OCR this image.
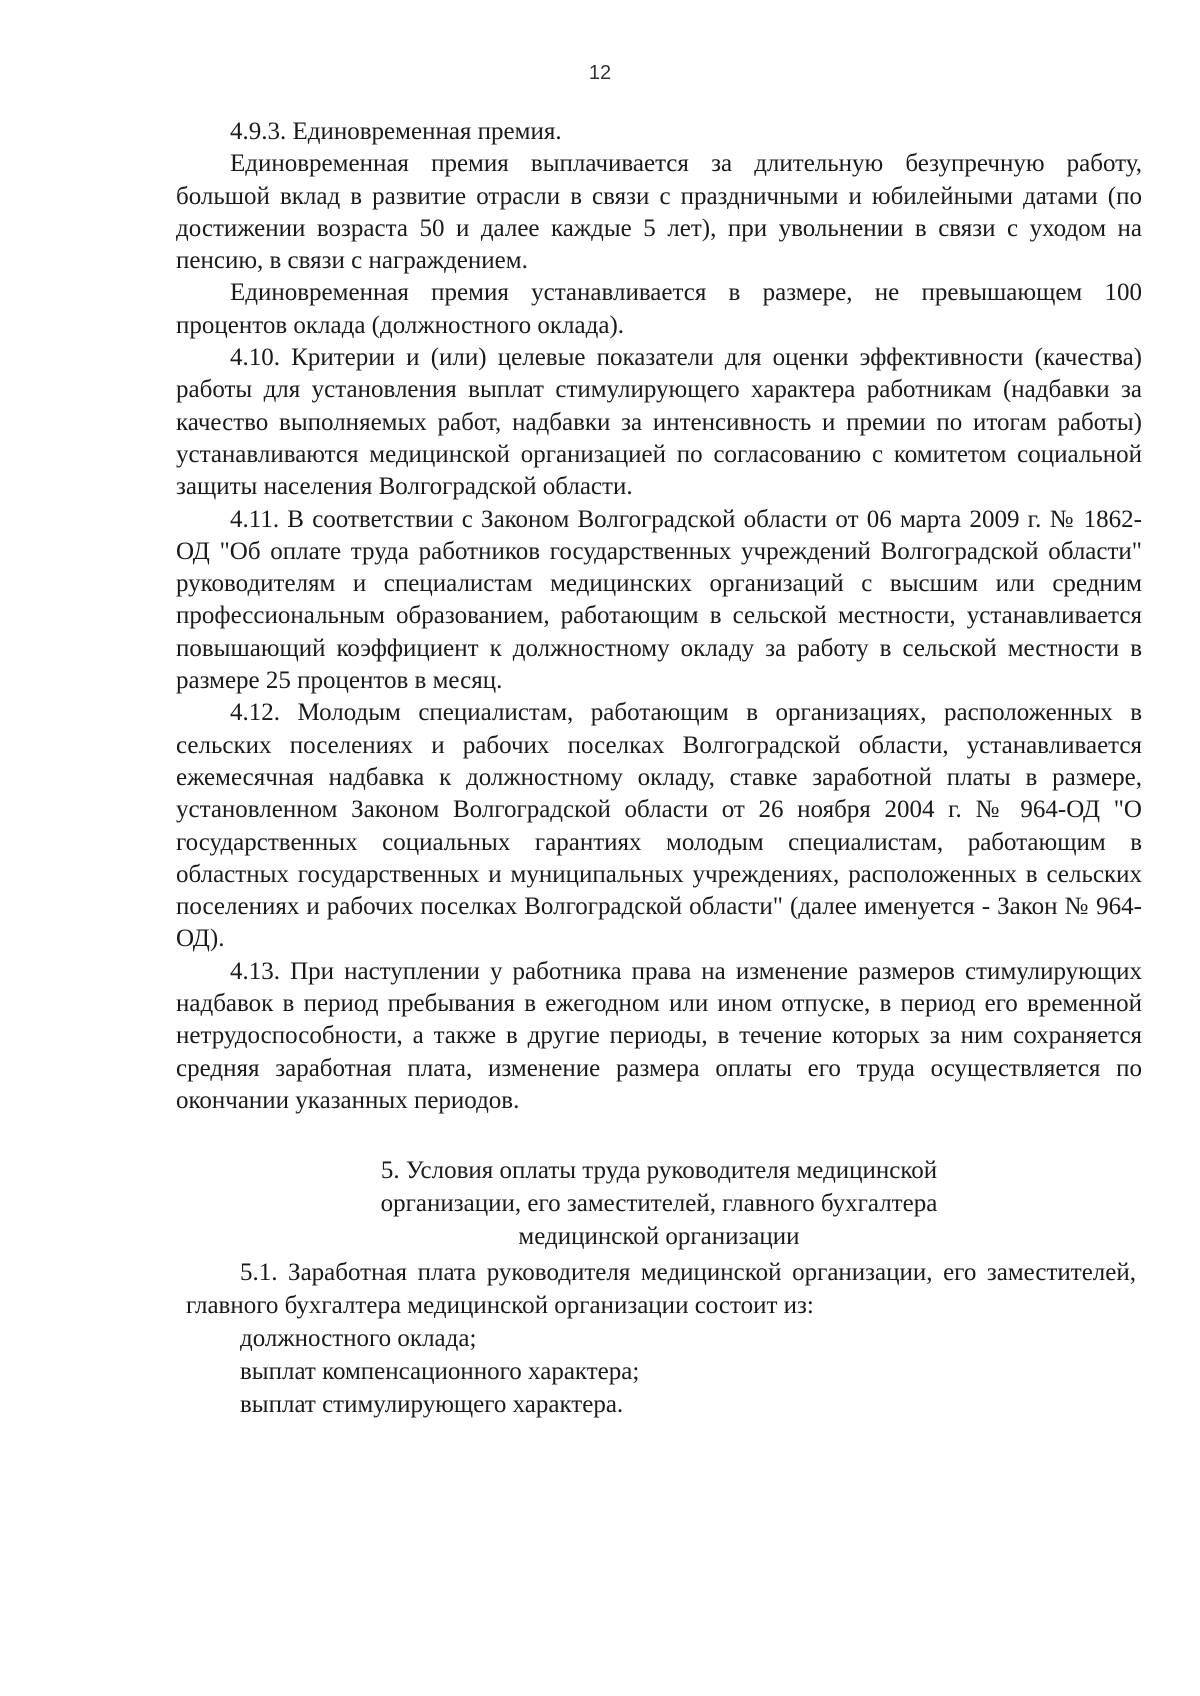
12

4.9.3. Единовременная премия.

Единовременная премия выплачивается за длительную безупречную работу, большой вклад в развитие отрасли в связи с праздничными и юбилейными датами (по достижении возраста 50 и далее каждые 5 лет), при увольнении в связи с уходом на пенсию, в связи с награждением.

Единовременная премия устанавливается в размере, не превышающем 100 процентов оклада (должностного оклада).

4.10. Критерии и (или) целевые показатели для оценки эффективности (качества) работы для установления выплат стимулирующего характера работникам (надбавки за качество выполняемых работ, надбавки за интенсивность и премии по итогам работы) устанавливаются медицинской организацией по согласованию с комитетом социальной защиты населения Волгоградской области.

4.11. В соответствии с Законом Волгоградской области от 06 марта 2009 г. № 1862-ОД "Об оплате труда работников государственных учреждений Волгоградской области" руководителям и специалистам медицинских организаций с высшим или средним профессиональным образованием, работающим в сельской местности, устанавливается повышающий коэффициент к должностному окладу за работу в сельской местности в размере 25 процентов в месяц.

4.12. Молодым специалистам, работающим в организациях, расположенных в сельских поселениях и рабочих поселках Волгоградской области, устанавливается ежемесячная надбавка к должностному окладу, ставке заработной платы в размере, установленном Законом Волгоградской области от 26 ноября 2004 г. № 964-ОД "О государственных социальных гарантиях молодым специалистам, работающим в областных государственных и муниципальных учреждениях, расположенных в сельских поселениях и рабочих поселках Волгоградской области" (далее именуется - Закон № 964-ОД).

4.13. При наступлении у работника права на изменение размеров стимулирующих надбавок в период пребывания в ежегодном или ином отпуске, в период его временной нетрудоспособности, а также в другие периоды, в течение которых за ним сохраняется средняя заработная плата, изменение размера оплаты его труда осуществляется по окончании указанных периодов.

5. Условия оплаты труда руководителя медицинской
организации, его заместителей, главного бухгалтера
медицинской организации

5.1. Заработная плата руководителя медицинской организации, его заместителей, главного бухгалтера медицинской организации состоит из:

должностного оклада;
выплат компенсационного характера;
выплат стимулирующего характера.
